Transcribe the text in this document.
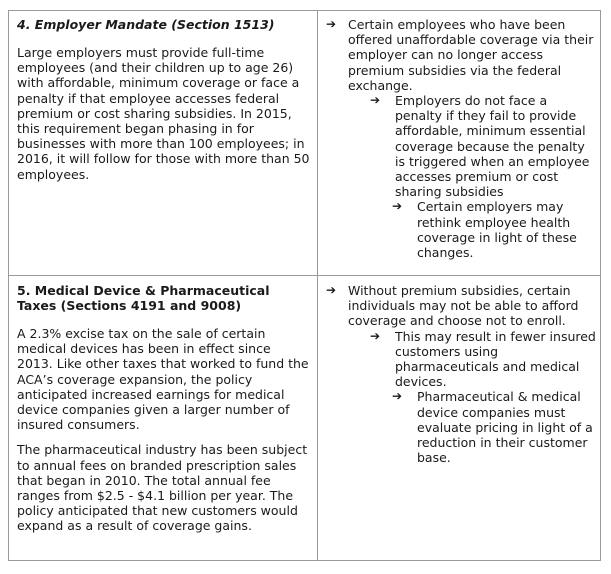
4. Employer Mandate (Section 1513)

Large employers must provide full-time employees (and their children up to age 26) with affordable, minimum coverage or face a penalty if that employee accesses federal premium or cost sharing subsidies. In 2015, this requirement began phasing in for businesses with more than 100 employees; in 2016, it will follow for those with more than 50 employees.

➔ Certain employees who have been offered unaffordable coverage via their employer can no longer access premium subsidies via the federal exchange.
➔ Employers do not face a penalty if they fail to provide affordable, minimum essential coverage because the penalty is triggered when an employee accesses premium or cost sharing subsidies
➔ Certain employers may rethink employee health coverage in light of these changes.

5. Medical Device & Pharmaceutical Taxes (Sections 4191 and 9008)

A 2.3% excise tax on the sale of certain medical devices has been in effect since 2013. Like other taxes that worked to fund the ACA’s coverage expansion, the policy anticipated increased earnings for medical device companies given a larger number of insured consumers.

The pharmaceutical industry has been subject to annual fees on branded prescription sales that began in 2010. The total annual fee ranges from $2.5 - $4.1 billion per year. The policy anticipated that new customers would expand as a result of coverage gains.

➔ Without premium subsidies, certain individuals may not be able to afford coverage and choose not to enroll.
➔ This may result in fewer insured customers using pharmaceuticals and medical devices.
➔ Pharmaceutical & medical device companies must evaluate pricing in light of a reduction in their customer base.
